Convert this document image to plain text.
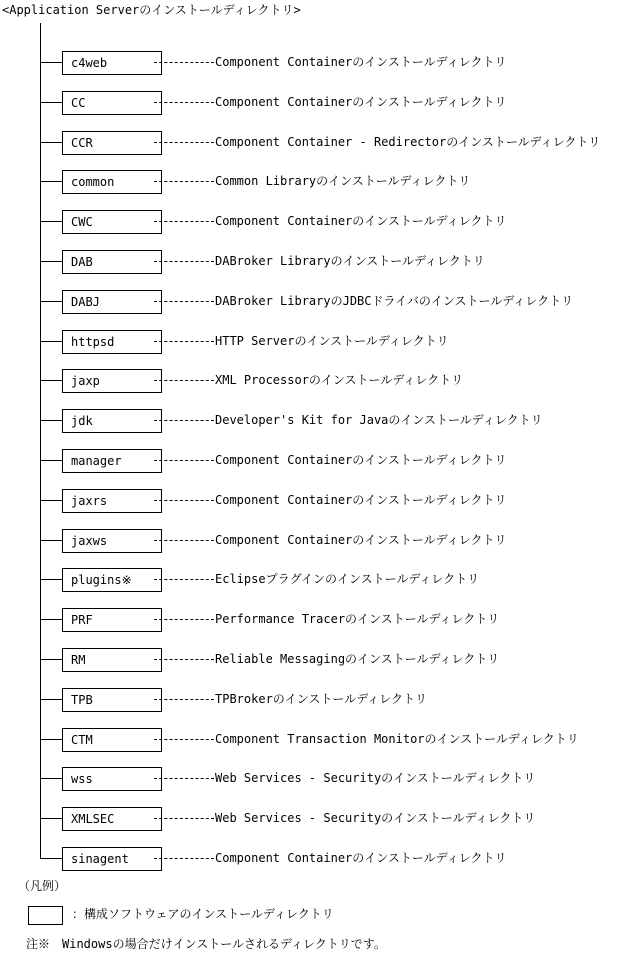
<Application Serverのインストールディレクトリ>
c4web	Component Containerのインストールディレクトリ
CC	Component Containerのインストールディレクトリ
CCR	Component Container - Redirectorのインストールディレクトリ
common	Common Libraryのインストールディレクトリ
CWC	Component Containerのインストールディレクトリ
DAB	DABroker Libraryのインストールディレクトリ
DABJ	DABroker LibraryのJDBCドライバのインストールディレクトリ
httpsd	HTTP Serverのインストールディレクトリ
jaxp	XML Processorのインストールディレクトリ
jdk	Developer's Kit for Javaのインストールディレクトリ
manager	Component Containerのインストールディレクトリ
jaxrs	Component Containerのインストールディレクトリ
jaxws	Component Containerのインストールディレクトリ
plugins※	Eclipseプラグインのインストールディレクトリ
PRF	Performance Tracerのインストールディレクトリ
RM	Reliable Messagingのインストールディレクトリ
TPB	TPBrokerのインストールディレクトリ
CTM	Component Transaction Monitorのインストールディレクトリ
wss	Web Services - Securityのインストールディレクトリ
XMLSEC	Web Services - Securityのインストールディレクトリ
sinagent	Component Containerのインストールディレクトリ
（凡例）
：構成ソフトウェアのインストールディレクトリ
注※　Windowsの場合だけインストールされるディレクトリです。
